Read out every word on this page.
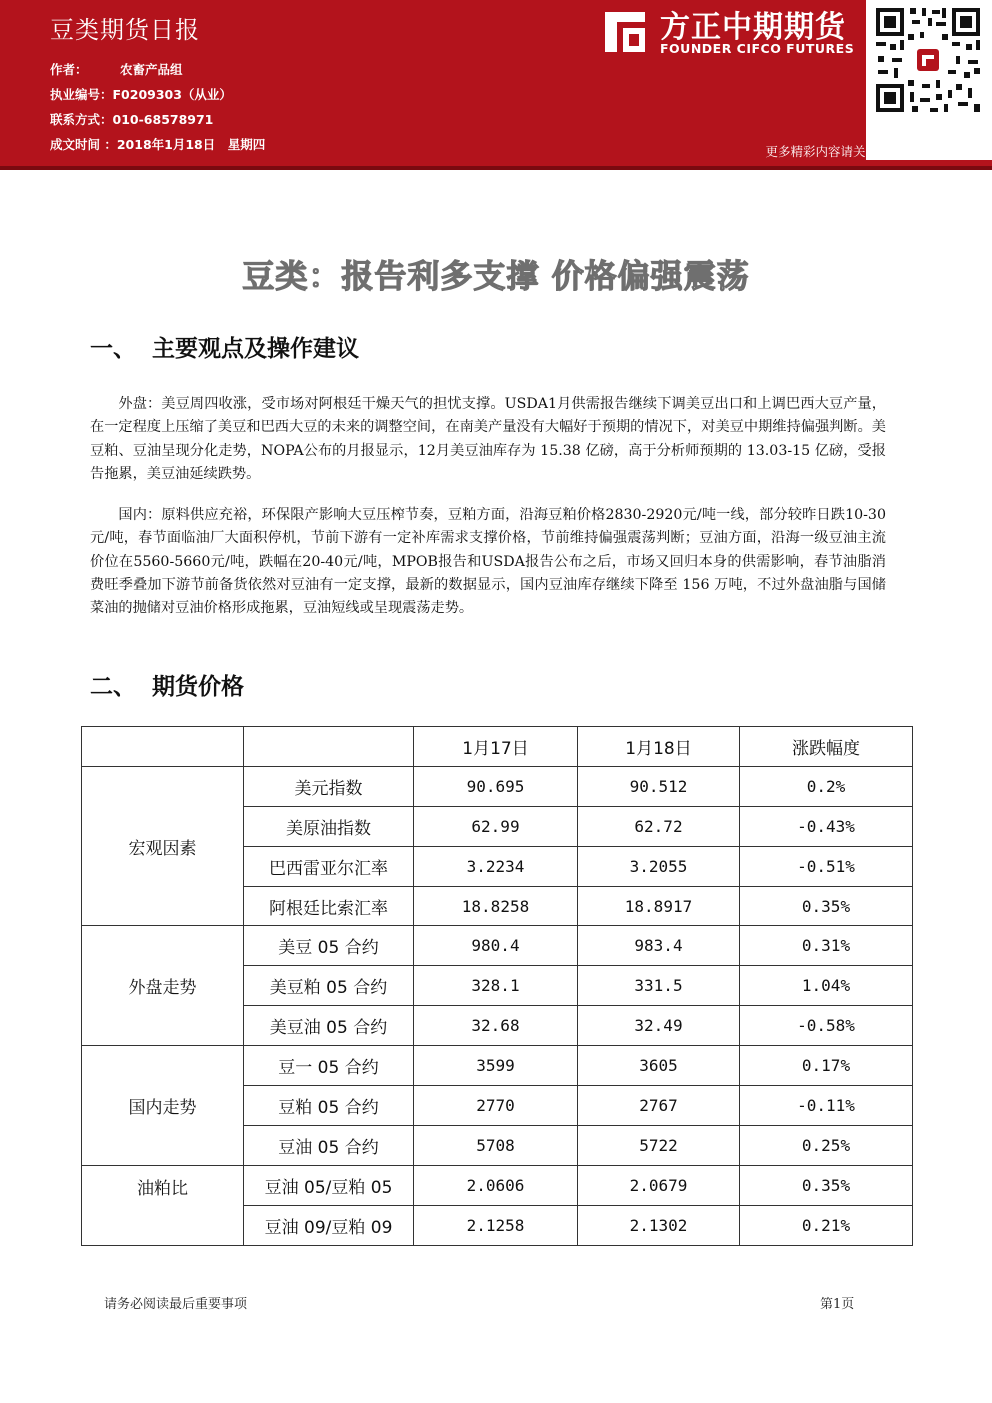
豆类期货日报
作者：	农畜产品组
执业编号：F0209303（从业）
联系方式：010-68578971
成文时间 ：2018年1月18日　星期四
方正中期期货
FOUNDER CIFCO FUTURES
更多精彩内容请关注方正中期官方微信
豆类：报告利多支撑 价格偏强震荡
一、 主要观点及操作建议

外盘：美豆周四收涨，受市场对阿根廷干燥天气的担忧支撑。USDA1月供需报告继续下调美豆出口和上调巴西大豆产量，在一定程度上压缩了美豆和巴西大豆的未来的调整空间，在南美产量没有大幅好于预期的情况下，对美豆中期维持偏强判断。美豆粕、豆油呈现分化走势，NOPA公布的月报显示，12月美豆油库存为 15.38 亿磅，高于分析师预期的 13.03-15 亿磅，受报告拖累，美豆油延续跌势。

国内：原料供应充裕，环保限产影响大豆压榨节奏，豆粕方面，沿海豆粕价格2830-2920元/吨一线，部分较昨日跌10-30元/吨，春节面临油厂大面积停机，节前下游有一定补库需求支撑价格，节前维持偏强震荡判断；豆油方面，沿海一级豆油主流价位在5560-5660元/吨，跌幅在20-40元/吨，MPOB报告和USDA报告公布之后，市场又回归本身的供需影响，春节油脂消费旺季叠加下游节前备货依然对豆油有一定支撑，最新的数据显示，国内豆油库存继续下降至 156 万吨，不过外盘油脂与国储菜油的抛储对豆油价格形成拖累，豆油短线或呈现震荡走势。

二、 期货价格
		1月17日	1月18日	涨跌幅度
宏观因素	美元指数	90.695	90.512	0.2%
	美原油指数	62.99	62.72	-0.43%
	巴西雷亚尔汇率	3.2234	3.2055	-0.51%
	阿根廷比索汇率	18.8258	18.8917	0.35%
外盘走势	美豆 05 合约	980.4	983.4	0.31%
	美豆粕 05 合约	328.1	331.5	1.04%
	美豆油 05 合约	32.68	32.49	-0.58%
国内走势	豆一 05 合约	3599	3605	0.17%
	豆粕 05 合约	2770	2767	-0.11%
	豆油 05 合约	5708	5722	0.25%
油粕比	豆油 05/豆粕 05	2.0606	2.0679	0.35%
	豆油 09/豆粕 09	2.1258	2.1302	0.21%
请务必阅读最后重要事项	第1页
